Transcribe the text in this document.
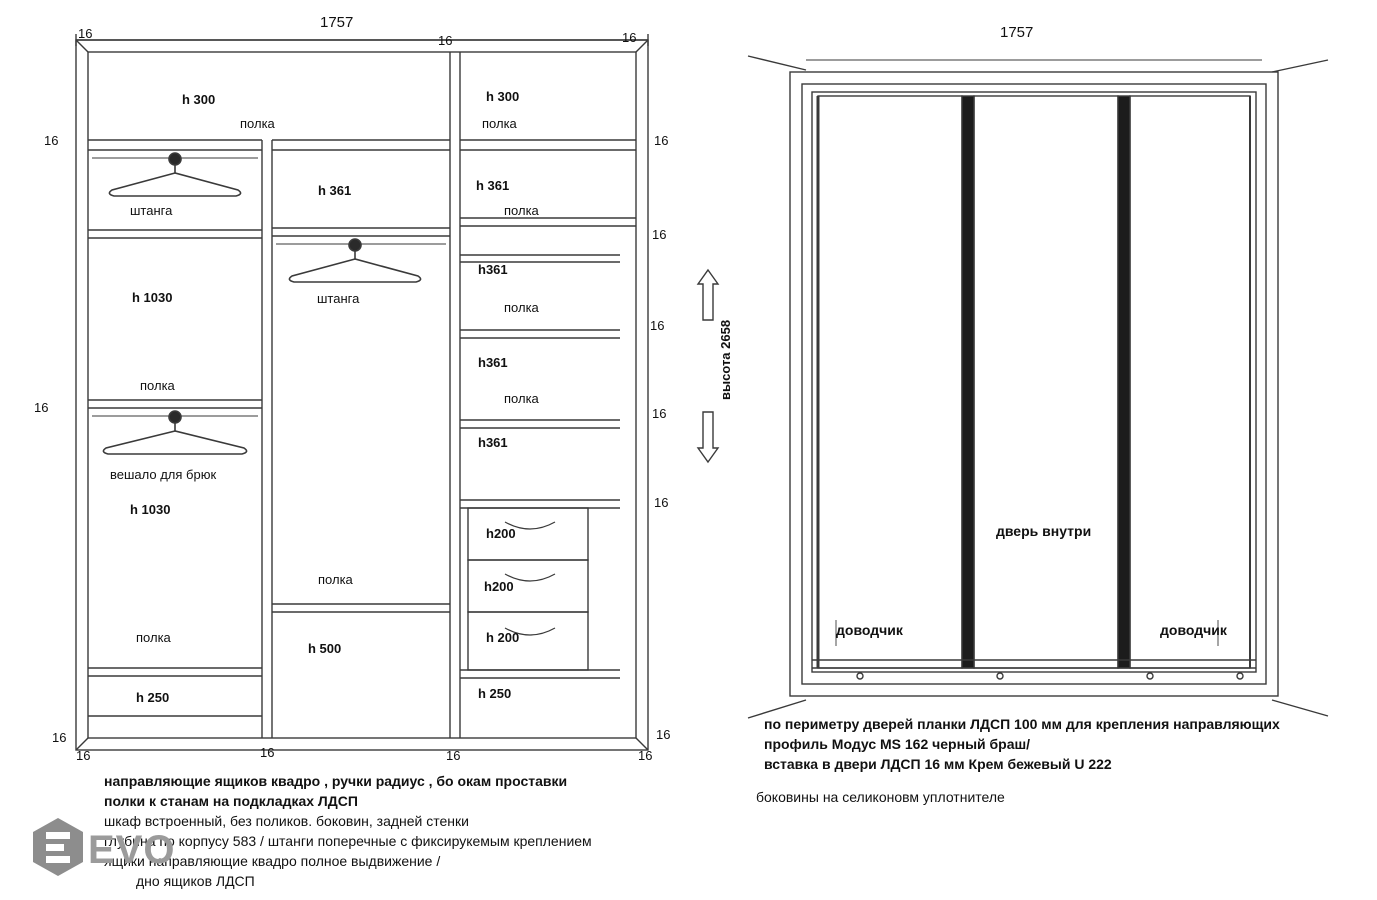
1757
16	16	16
16
16
16
16
16
16
16
16
16
16	16	16	16
высота 2658
h 300
полка
штанга
h 1030
полка
вешало для брюк
h 1030
полка
h 250
h 361
штанга
полка
h 500
h 300
полка
h 361
полка
h361
полка
h361
полка
h361
h200
h200
h 200
h 250
1757
дверь внутри
доводчик	доводчик
направляющие ящиков квадро , ручки радиус , бо окам проставки
полки к станам на подкладках ЛДСП
шкаф встроенный, без поликов. боковин, задней стенки
глубина по корпусу 583 / штанги поперечные с фиксирукемым креплением
ящики направляющие квадро полное выдвижение /
дно ящиков ЛДСП
по периметру дверей планки ЛДСП 100 мм для крепления направляющих
профиль Модус MS 162 черный браш/
вставка в двери ЛДСП 16 мм Крем бежевый U 222
боковины на селиконовм уплотнителе
EVO
